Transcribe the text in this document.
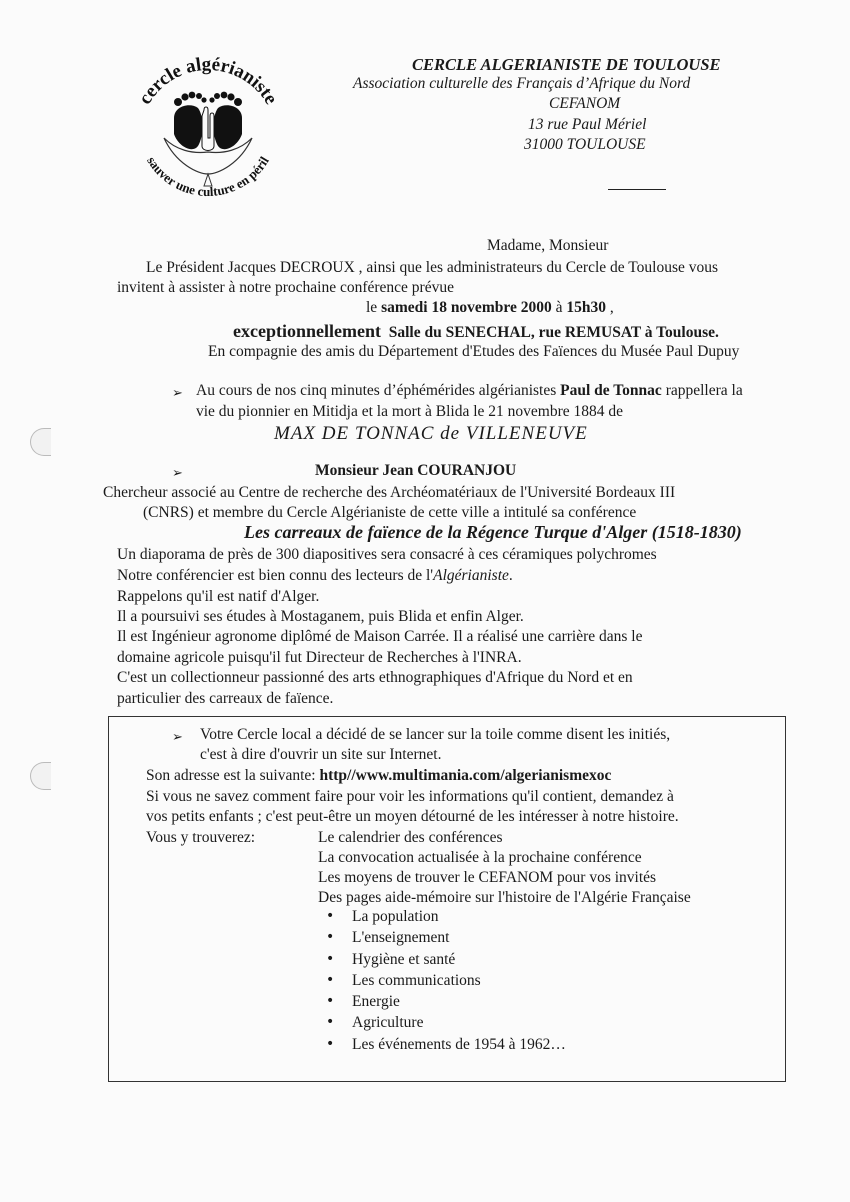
cercle algérianiste
sauver une culture en péril
CERCLE ALGERIANISTE DE TOULOUSE
Association culturelle des Français d’Afrique du Nord
CEFANOM
13 rue Paul Mériel
31000 TOULOUSE
Madame, Monsieur
Le Président Jacques DECROUX , ainsi que les administrateurs du Cercle de Toulouse vous
invitent à assister à notre prochaine conférence prévue
le samedi 18 novembre 2000 à 15h30 ,
exceptionnellement Salle du SENECHAL, rue REMUSAT à Toulouse.
En compagnie des amis du Département d'Etudes des Faïences du Musée Paul Dupuy
➢ Au cours de nos cinq minutes d’éphémérides algérianistes Paul de Tonnac rappellera la
vie du pionnier en Mitidja et la mort à Blida le 21 novembre 1884 de
MAX DE TONNAC de VILLENEUVE
➢	Monsieur Jean COURANJOU
Chercheur associé au Centre de recherche des Archéomatériaux de l'Université Bordeaux III
(CNRS) et membre du Cercle Algérianiste de cette ville a intitulé sa conférence
Les carreaux de faïence de la Régence Turque d'Alger (1518-1830)
Un diaporama de près de 300 diapositives sera consacré à ces céramiques polychromes
Notre conférencier est bien connu des lecteurs de l'Algérianiste.
Rappelons qu'il est natif d'Alger.
Il a poursuivi ses études à Mostaganem, puis Blida et enfin Alger.
Il est Ingénieur agronome diplômé de Maison Carrée. Il a réalisé une carrière dans le
domaine agricole puisqu'il fut Directeur de Recherches à l'INRA.
C'est un collectionneur passionné des arts ethnographiques d'Afrique du Nord et en
particulier des carreaux de faïence.
➢ Votre Cercle local a décidé de se lancer sur la toile comme disent les initiés,
c'est à dire d'ouvrir un site sur Internet.
Son adresse est la suivante: http//www.multimania.com/algerianismexoc
Si vous ne savez comment faire pour voir les informations qu'il contient, demandez à
vos petits enfants ; c'est peut-être un moyen détourné de les intéresser à notre histoire.
Vous y trouverez:	Le calendrier des conférences
La convocation actualisée à la prochaine conférence
Les moyens de trouver le CEFANOM pour vos invités
Des pages aide-mémoire sur l'histoire de l'Algérie Française
• La population
• L'enseignement
• Hygiène et santé
• Les communications
• Energie
• Agriculture
• Les événements de 1954 à 1962…
